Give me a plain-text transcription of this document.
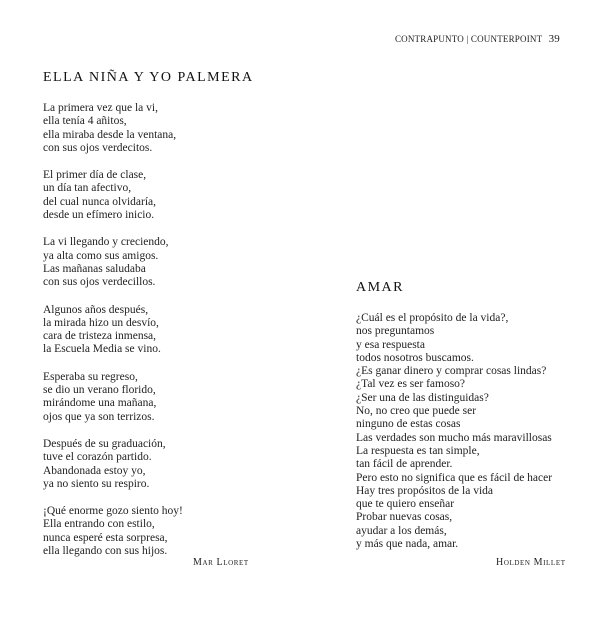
CONTRAPUNTO | COUNTERPOINT 39
ELLA NIÑA Y YO PALMERA
La primera vez que la vi,
ella tenía 4 añitos,
ella miraba desde la ventana,
con sus ojos verdecitos.
El primer día de clase,
un día tan afectivo,
del cual nunca olvidaría,
desde un efímero inicio.
La vi llegando y creciendo,
ya alta como sus amigos.
Las mañanas saludaba
con sus ojos verdecillos.
Algunos años después,
la mirada hizo un desvío,
cara de tristeza inmensa,
la Escuela Media se vino.
Esperaba su regreso,
se dio un verano florido,
mirándome una mañana,
ojos que ya son terrizos.
Después de su graduación,
tuve el corazón partido.
Abandonada estoy yo,
ya no siento su respiro.
¡Qué enorme gozo siento hoy!
Ella entrando con estilo,
nunca esperé esta sorpresa,
ella llegando con sus hijos.
Mar Lloret
AMAR
¿Cuál es el propósito de la vida?,
nos preguntamos
y esa respuesta
todos nosotros buscamos.
¿Es ganar dinero y comprar cosas lindas?
¿Tal vez es ser famoso?
¿Ser una de las distinguidas?
No, no creo que puede ser
ninguno de estas cosas
Las verdades son mucho más maravillosas
La respuesta es tan simple,
tan fácil de aprender.
Pero esto no significa que es fácil de hacer
Hay tres propósitos de la vida
que te quiero enseñar
Probar nuevas cosas,
ayudar a los demás,
y más que nada, amar.
Holden Millet
